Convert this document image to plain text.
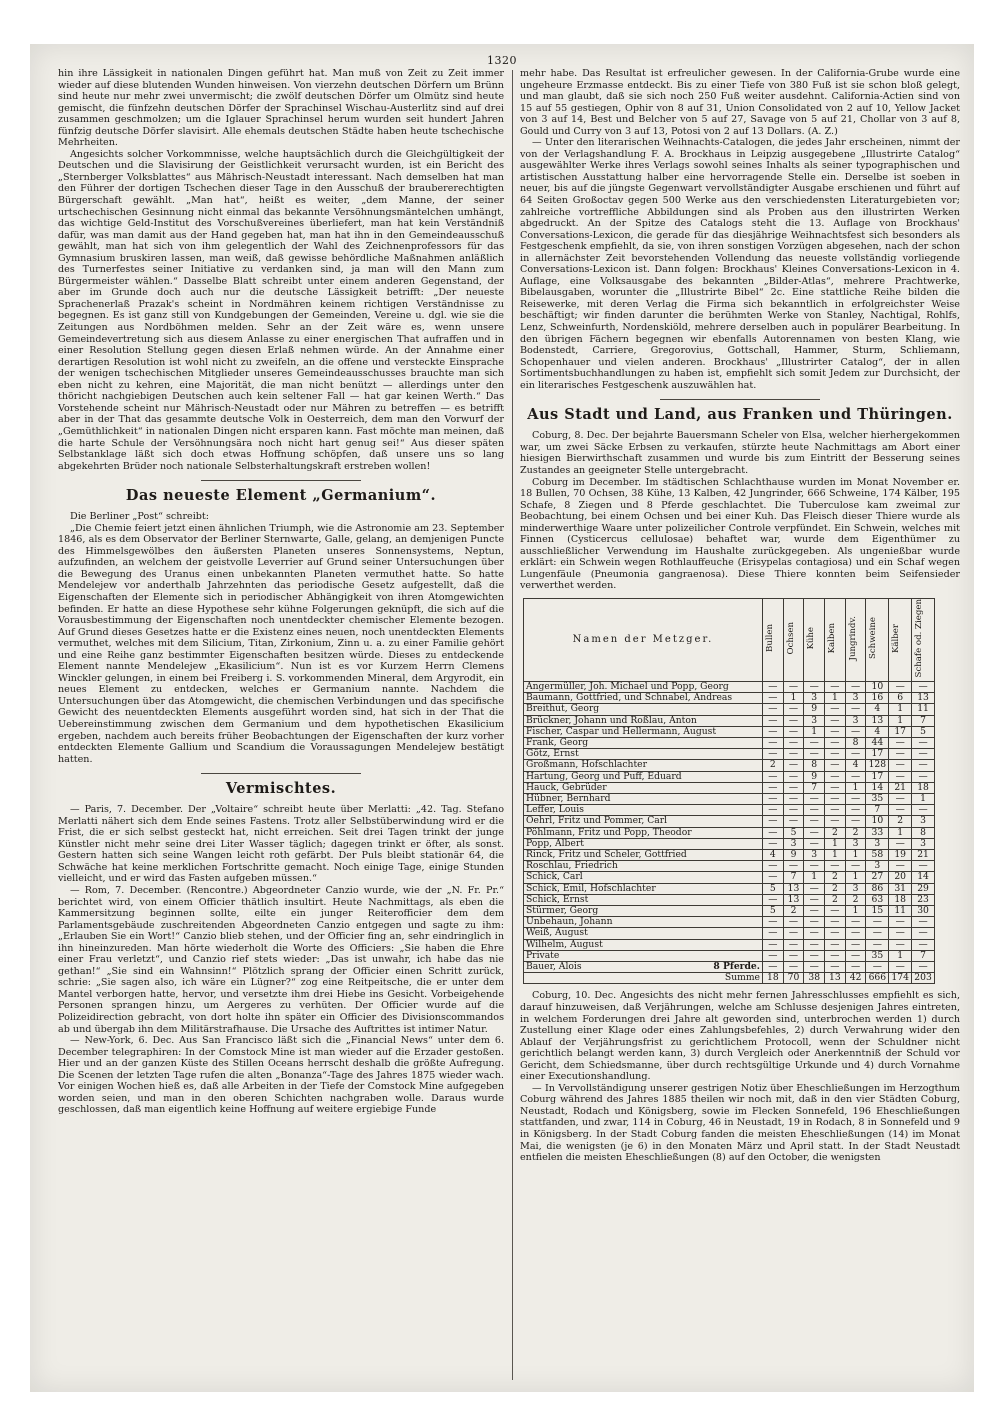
1320

hin ihre Lässigkeit in nationalen Dingen geführt hat. Man muß von Zeit zu Zeit immer wieder auf diese blutenden Wunden hinweisen. Von vierzehn deutschen Dörfern um Brünn sind heute nur mehr zwei unvermischt; die zwölf deutschen Dörfer um Olmütz sind heute gemischt, die fünfzehn deutschen Dörfer der Sprachinsel Wischau-Austerlitz sind auf drei zusammen geschmolzen; um die Iglauer Sprachinsel herum wurden seit hundert Jahren fünfzig deutsche Dörfer slavisirt. Alle ehemals deutschen Städte haben heute tschechische Mehrheiten.

Angesichts solcher Vorkommnisse, welche hauptsächlich durch die Gleichgültigkeit der Deutschen und die Slavisirung der Geistlichkeit verursacht wurden, ist ein Bericht des „Sternberger Volksblattes“ aus Mährisch-Neustadt interessant. Nach demselben hat man den Führer der dortigen Tschechen dieser Tage in den Ausschuß der braubererechtigten Bürgerschaft gewählt. „Man hat“, heißt es weiter, „dem Manne, der seiner urtschechischen Gesinnung nicht einmal das bekannte Versöhnungsmäntelchen umhängt, das wichtige Geld-Institut des Vorschußvereines überliefert, man hat kein Verständniß dafür, was man damit aus der Hand gegeben hat, man hat ihn in den Gemeindeausschuß gewählt, man hat sich von ihm gelegentlich der Wahl des Zeichnenprofessors für das Gymnasium bruskiren lassen, man weiß, daß gewisse behördliche Maßnahmen anläßlich des Turnerfestes seiner Initiative zu verdanken sind, ja man will den Mann zum Bürgermeister wählen.“ Dasselbe Blatt schreibt unter einem anderen Gegenstand, der aber im Grunde doch auch nur die deutsche Lässigkeit betrifft: „Der neueste Sprachenerlaß Prazak's scheint in Nordmähren keinem richtigen Verständnisse zu begegnen. Es ist ganz still von Kundgebungen der Gemeinden, Vereine u. dgl. wie sie die Zeitungen aus Nordböhmen melden. Sehr an der Zeit wäre es, wenn unsere Gemeindevertretung sich aus diesem Anlasse zu einer energischen That aufraffen und in einer Resolution Stellung gegen diesen Erlaß nehmen würde. An der Annahme einer derartigen Resolution ist wohl nicht zu zweifeln, an die offene und versteckte Einsprache der wenigen tschechischen Mitglieder unseres Gemeindeausschusses brauchte man sich eben nicht zu kehren, eine Majorität, die man nicht benützt — allerdings unter den thöricht nachgiebigen Deutschen auch kein seltener Fall — hat gar keinen Werth.“ Das Vorstehende scheint nur Mährisch-Neustadt oder nur Mähren zu betreffen — es betrifft aber in der That das gesammte deutsche Volk in Oesterreich, dem man den Vorwurf der „Gemüthlichkeit“ in nationalen Dingen nicht ersparen kann. Fast möchte man meinen, daß die harte Schule der Versöhnungsära noch nicht hart genug sei!“ Aus dieser späten Selbstanklage läßt sich doch etwas Hoffnung schöpfen, daß unsere uns so lang abgekehrten Brüder noch nationale Selbsterhaltungskraft erstreben wollen!

Das neueste Element „Germanium“.

Die Berliner „Post“ schreibt:

„Die Chemie feiert jetzt einen ähnlichen Triumph, wie die Astronomie am 23. September 1846, als es dem Observator der Berliner Sternwarte, Galle, gelang, an demjenigen Puncte des Himmelsgewölbes den äußersten Planeten unseres Sonnensystems, Neptun, aufzufinden, an welchem der geistvolle Leverrier auf Grund seiner Untersuchungen über die Bewegung des Uranus einen unbekannten Planeten vermuthet hatte. So hatte Mendelejew vor anderthalb Jahrzehnten das periodische Gesetz aufgestellt, daß die Eigenschaften der Elemente sich in periodischer Abhängigkeit von ihren Atomgewichten befinden. Er hatte an diese Hypothese sehr kühne Folgerungen geknüpft, die sich auf die Vorausbestimmung der Eigenschaften noch unentdeckter chemischer Elemente bezogen. Auf Grund dieses Gesetzes hatte er die Existenz eines neuen, noch unentdeckten Elements vermuthet, welches mit dem Silicium, Titan, Zirkonium, Zinn u. a. zu einer Familie gehört und eine Reihe ganz bestimmter Eigenschaften besitzen würde. Dieses zu entdeckende Element nannte Mendelejew „Ekasilicium“. Nun ist es vor Kurzem Herrn Clemens Winckler gelungen, in einem bei Freiberg i. S. vorkommenden Mineral, dem Argyrodit, ein neues Element zu entdecken, welches er Germanium nannte. Nachdem die Untersuchungen über das Atomgewicht, die chemischen Verbindungen und das specifische Gewicht des neuentdeckten Elements ausgeführt worden sind, hat sich in der That die Uebereinstimmung zwischen dem Germanium und dem hypothetischen Ekasilicium ergeben, nachdem auch bereits früher Beobachtungen der Eigenschaften der kurz vorher entdeckten Elemente Gallium und Scandium die Voraussagungen Mendelejew bestätigt hatten.

Vermischtes.

— Paris, 7. December. Der „Voltaire“ schreibt heute über Merlatti: „42. Tag. Stefano Merlatti nähert sich dem Ende seines Fastens. Trotz aller Selbstüberwindung wird er die Frist, die er sich selbst gesteckt hat, nicht erreichen. Seit drei Tagen trinkt der junge Künstler nicht mehr seine drei Liter Wasser täglich; dagegen trinkt er öfter, als sonst. Gestern hatten sich seine Wangen leicht roth gefärbt. Der Puls bleibt stationär 64, die Schwäche hat keine merklichen Fortschritte gemacht. Noch einige Tage, einige Stunden vielleicht, und er wird das Fasten aufgeben müssen.“

— Rom, 7. December. (Rencontre.) Abgeordneter Canzio wurde, wie der „N. Fr. Pr.“ berichtet wird, von einem Officier thätlich insultirt. Heute Nachmittags, als eben die Kammersitzung beginnen sollte, eilte ein junger Reiterofficier dem dem Parlamentsgebäude zuschreitenden Abgeordneten Canzio entgegen und sagte zu ihm: „Erlauben Sie ein Wort!“ Canzio blieb stehen, und der Officier fing an, sehr eindringlich in ihn hineinzureden. Man hörte wiederholt die Worte des Officiers: „Sie haben die Ehre einer Frau verletzt“, und Canzio rief stets wieder: „Das ist unwahr, ich habe das nie gethan!“ „Sie sind ein Wahnsinn!“ Plötzlich sprang der Officier einen Schritt zurück, schrie: „Sie sagen also, ich wäre ein Lügner?“ zog eine Reitpeitsche, die er unter dem Mantel verborgen hatte, hervor, und versetzte ihm drei Hiebe ins Gesicht. Vorbeigehende Personen sprangen hinzu, um Aergeres zu verhüten. Der Officier wurde auf die Polizeidirection gebracht, von dort holte ihn später ein Officier des Divisionscommandos ab und übergab ihn dem Militärstrafhause. Die Ursache des Auftrittes ist intimer Natur.

— New-York, 6. Dec. Aus San Francisco läßt sich die „Financial News“ unter dem 6. December telegraphiren: In der Comstock Mine ist man wieder auf die Erzader gestoßen. Hier und an der ganzen Küste des Stillen Oceans herrscht deshalb die größte Aufregung. Die Scenen der letzten Tage rufen die alten „Bonanza“-Tage des Jahres 1875 wieder wach. Vor einigen Wochen hieß es, daß alle Arbeiten in der Tiefe der Comstock Mine aufgegeben worden seien, und man in den oberen Schichten nachgraben wolle. Daraus wurde geschlossen, daß man eigentlich keine Hoffnung auf weitere ergiebige Funde

mehr habe. Das Resultat ist erfreulicher gewesen. In der California-Grube wurde eine ungeheure Erzmasse entdeckt. Bis zu einer Tiefe von 380 Fuß ist sie schon bloß gelegt, und man glaubt, daß sie sich noch 250 Fuß weiter ausdehnt. California-Actien sind von 15 auf 55 gestiegen, Ophir von 8 auf 31, Union Consolidated von 2 auf 10, Yellow Jacket von 3 auf 14, Best und Belcher von 5 auf 27, Savage von 5 auf 21, Chollar von 3 auf 8, Gould und Curry von 3 auf 13, Potosi von 2 auf 13 Dollars. (A. Z.)

— Unter den literarischen Weihnachts-Catalogen, die jedes Jahr erscheinen, nimmt der von der Verlagshandlung F. A. Brockhaus in Leipzig ausgegebene „Illustrirte Catalog“ ausgewählter Werke ihres Verlags sowohl seines Inhalts als seiner typographischen und artistischen Ausstattung halber eine hervorragende Stelle ein. Derselbe ist soeben in neuer, bis auf die jüngste Gegenwart vervollständigter Ausgabe erschienen und führt auf 64 Seiten Großoctav gegen 500 Werke aus den verschiedensten Literaturgebieten vor; zahlreiche vortreffliche Abbildungen sind als Proben aus den illustrirten Werken abgedruckt. An der Spitze des Catalogs steht die 13. Auflage von Brockhaus' Conversations-Lexicon, die gerade für das diesjährige Weihnachtsfest sich besonders als Festgeschenk empfiehlt, da sie, von ihren sonstigen Vorzügen abgesehen, nach der schon in allernächster Zeit bevorstehenden Vollendung das neueste vollständig vorliegende Conversations-Lexicon ist. Dann folgen: Brockhaus' Kleines Conversations-Lexicon in 4. Auflage, eine Volksausgabe des bekannten „Bilder-Atlas“, mehrere Prachtwerke, Bibelausgaben, worunter die „Illustrirte Bibel“ 2c. Eine stattliche Reihe bilden die Reisewerke, mit deren Verlag die Firma sich bekanntlich in erfolgreichster Weise beschäftigt; wir finden darunter die berühmten Werke von Stanley, Nachtigal, Rohlfs, Lenz, Schweinfurth, Nordenskiöld, mehrere derselben auch in populärer Bearbeitung. In den übrigen Fächern begegnen wir ebenfalls Autorennamen von besten Klang, wie Bodenstedt, Carriere, Gregorovius, Gottschall, Hammer, Sturm, Schliemann, Schopenhauer und vielen anderen. Brockhaus' „Illustrirter Catalog“, der in allen Sortimentsbuchhandlungen zu haben ist, empfiehlt sich somit Jedem zur Durchsicht, der ein literarisches Festgeschenk auszuwählen hat.

Aus Stadt und Land, aus Franken und Thüringen.

Coburg, 8. Dec. Der bejahrte Bauersmann Scheler von Elsa, welcher hierhergekommen war, um zwei Säcke Erbsen zu verkaufen, stürzte heute Nachmittags am Abort einer hiesigen Bierwirthschaft zusammen und wurde bis zum Eintritt der Besserung seines Zustandes an geeigneter Stelle untergebracht.

Coburg im December. Im städtischen Schlachthause wurden im Monat November er. 18 Bullen, 70 Ochsen, 38 Kühe, 13 Kalben, 42 Jungrinder, 666 Schweine, 174 Kälber, 195 Schafe, 8 Ziegen und 8 Pferde geschlachtet. Die Tuberculose kam zweimal zur Beobachtung, bei einem Ochsen und bei einer Kuh. Das Fleisch dieser Thiere wurde als minderwerthige Waare unter polizeilicher Controle verpfündet. Ein Schwein, welches mit Finnen (Cysticercus cellulosae) behaftet war, wurde dem Eigenthümer zu ausschließlicher Verwendung im Haushalte zurückgegeben. Als ungenießbar wurde erklärt: ein Schwein wegen Rothlauffeuche (Erisypelas contagiosa) und ein Schaf wegen Lungenfäule (Pneumonia gangraenosa). Diese Thiere konnten beim Seifensieder verwerthet werden.

Namen der Metzger.	Bullen	Ochsen	Kühe	Kalben	Jungrindv.	Schweine	Kälber	Schafe od. Ziegen
Angermüller, Joh. Michael und Popp, Georg	—	—	—	—	—	10	—	—
Baumann, Gottfried, und Schnabel, Andreas	—	1	3	1	3	16	6	13
Breithut, Georg	—	—	9	—	—	4	1	11
Brückner, Johann und Roßlau, Anton	—	—	3	—	3	13	1	7
Fischer, Caspar und Hellermann, August	—	—	1	—	—	4	17	5
Frank, Georg	—	—	—	—	8	44	—	—
Götz, Ernst	—	—	—	—	—	17	—	—
Großmann, Hofschlachter	2	—	8	—	4	128	—	—
Hartung, Georg und Puff, Eduard	—	—	9	—	—	17	—	—
Hauck, Gebrüder	—	—	7	—	1	14	21	18
Hübner, Bernhard	—	—	—	—	—	35	—	1
Leffer, Louis	—	—	—	—	—	7	—	—
Oehrl, Fritz und Pommer, Carl	—	—	—	—	—	10	2	3
Pöhlmann, Fritz und Popp, Theodor	—	5	—	2	2	33	1	8
Popp, Albert	—	3	—	1	3	3	—	3
Rinck, Fritz und Scheler, Gottfried	4	9	3	1	1	58	19	21
Roschlau, Friedrich	—	—	—	—	—	3	—	—
Schick, Carl	—	7	1	2	1	27	20	14
Schick, Emil, Hofschlachter	5	13	—	2	3	86	31	29
Schick, Ernst	—	13	—	2	2	63	18	23
Stürmer, Georg	5	2	—	—	1	15	11	30
Unbehaun, Johann	—	—	—	—	—	—	—	—
Weiß, August	—	—	—	—	—	—	—	—
Wilhelm, August	—	—	—	—	—	—	—	—
Private	—	—	—	—	—	35	1	7
Bauer, Alois 8 Pferde.	—	—	—	—	—	—	—	—
Summe	18	70	38	13	42	666	174	203

Coburg, 10. Dec. Angesichts des nicht mehr fernen Jahresschlusses empfiehlt es sich, darauf hinzuweisen, daß Verjährungen, welche am Schlusse desjenigen Jahres eintreten, in welchem Forderungen drei Jahre alt geworden sind, unterbrochen werden 1) durch Zustellung einer Klage oder eines Zahlungsbefehles, 2) durch Verwahrung wider den Ablauf der Verjährungsfrist zu gerichtlichem Protocoll, wenn der Schuldner nicht gerichtlich belangt werden kann, 3) durch Vergleich oder Anerkenntniß der Schuld vor Gericht, dem Schiedsmanne, über durch rechtsgültige Urkunde und 4) durch Vornahme einer Executionshandlung.

— In Vervollständigung unserer gestrigen Notiz über Eheschließungen im Herzogthum Coburg während des Jahres 1885 theilen wir noch mit, daß in den vier Städten Coburg, Neustadt, Rodach und Königsberg, sowie im Flecken Sonnefeld, 196 Eheschließungen stattfanden, und zwar, 114 in Coburg, 46 in Neustadt, 19 in Rodach, 8 in Sonnefeld und 9 in Königsberg. In der Stadt Coburg fanden die meisten Eheschließungen (14) im Monat Mai, die wenigsten (je 6) in den Monaten März und April statt. In der Stadt Neustadt entfielen die meisten Eheschließungen (8) auf den October, die wenigsten
